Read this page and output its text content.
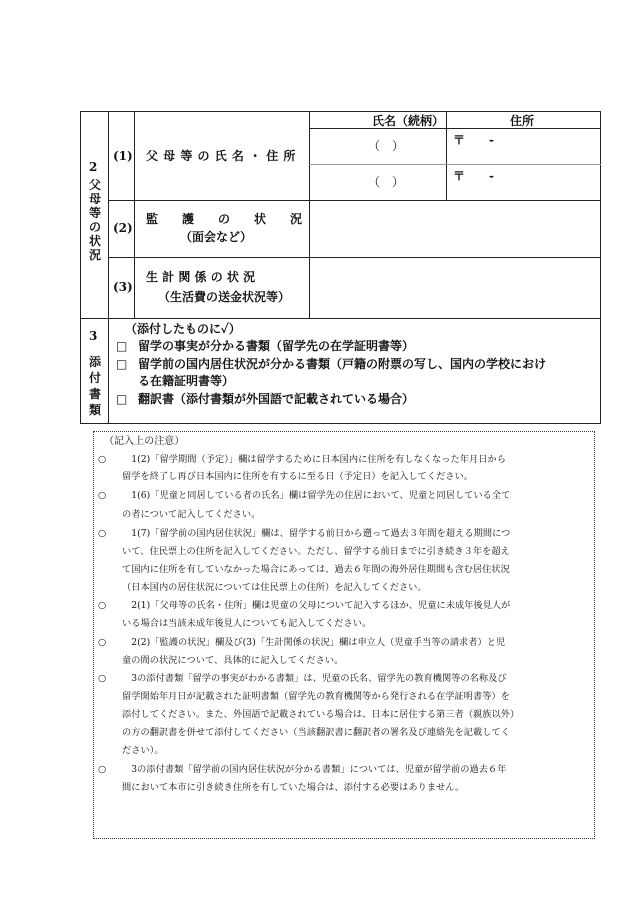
2
父
母
等
の
状
況
氏名（続柄）	住所
(1) 父 母 等 の 氏 名 ・ 住 所
（　）	〒　　-
（　）	〒　　-
(2)
監　　護　　の　　状　　況
（面会など）
(3)
生 計 関 係 の 状 況
（生活費の送金状況等）
3
添
付
書
類
（添付したものに✓）
□ 留学の事実が分かる書類（留学先の在学証明書等）
□ 留学前の国内居住状況が分かる書類（戸籍の附票の写し、国内の学校におけ
る在籍証明書等）
□ 翻訳書（添付書類が外国語で記載されている場合）
（記入上の注意）
○ 　1(2)「留学期間（予定）」欄は留学するために日本国内に住所を有しなくなった年月日から
留学を終了し再び日本国内に住所を有するに至る日（予定日）を記入してください。
○ 　1(6)「児童と同居している者の氏名」欄は留学先の住居において、児童と同居している全て
の者について記入してください。
○ 　1(7)「留学前の国内居住状況」欄は、留学する前日から遡って過去３年間を超える期間につ
いて、住民票上の住所を記入してください。ただし、留学する前日までに引き続き３年を超え
て国内に住所を有していなかった場合にあっては、過去６年間の海外居住期間も含む居住状況
（日本国内の居住状況については住民票上の住所）を記入してください。
○ 　2(1)「父母等の氏名・住所」欄は児童の父母について記入するほか、児童に未成年後見人が
いる場合は当該未成年後見人についても記入してください。
○ 　2(2)「監護の状況」欄及び(3)「生計関係の状況」欄は申立人（児童手当等の請求者）と児
童の間の状況について、具体的に記入してください。
○ 　3の添付書類「留学の事実がわかる書類」は、児童の氏名、留学先の教育機関等の名称及び
留学開始年月日が記載された証明書類（留学先の教育機関等から発行される在学証明書等）を
添付してください。また、外国語で記載されている場合は、日本に居住する第三者（親族以外）
の方の翻訳書を併せて添付してください（当該翻訳書に翻訳者の署名及び連絡先を記載してく
ださい）。
○ 　3の添付書類「留学前の国内居住状況が分かる書類」については、児童が留学前の過去６年
間において本市に引き続き住所を有していた場合は、添付する必要はありません。
